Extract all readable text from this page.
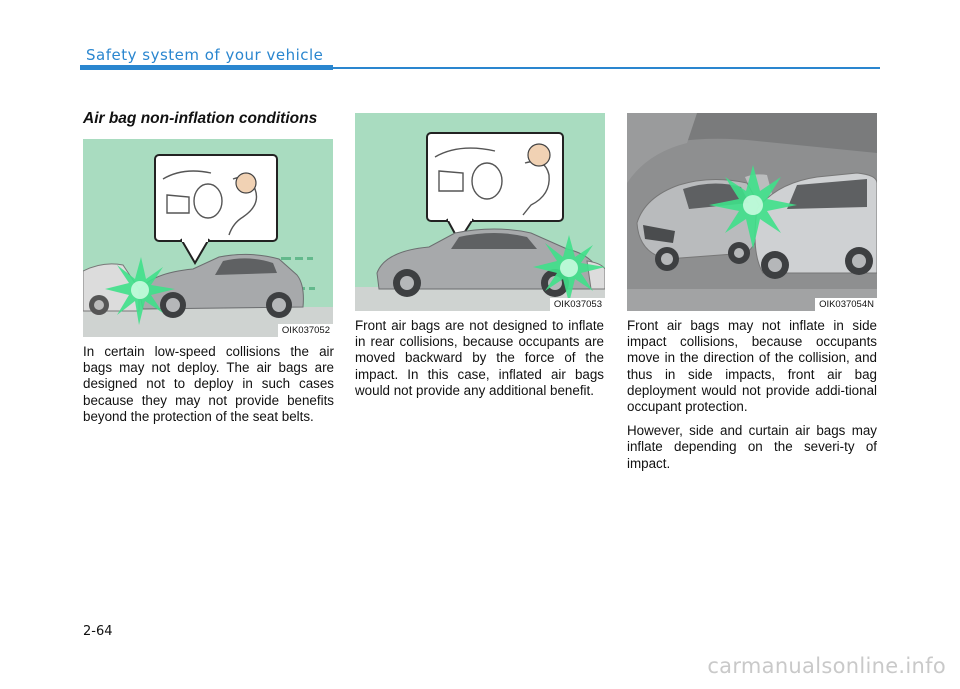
Safety system of your vehicle
Air bag non-inflation conditions
OIK037052
OIK037053	OIK037054N

In certain low-speed collisions the air bags may not deploy. The air bags are designed not to deploy in such cases because they may not provide benefits beyond the protection of the seat belts.

Front air bags are not designed to inflate in rear collisions, because occupants are moved backward by the force of the impact. In this case, inflated air bags would not provide any additional benefit.

Front air bags may not inflate in side impact collisions, because occupants move in the direction of the collision, and thus in side impacts, front air bag deployment would not provide addi-tional occupant protection.

However, side and curtain air bags may inflate depending on the severi-ty of impact.

2-64
carmanualsonline.info
